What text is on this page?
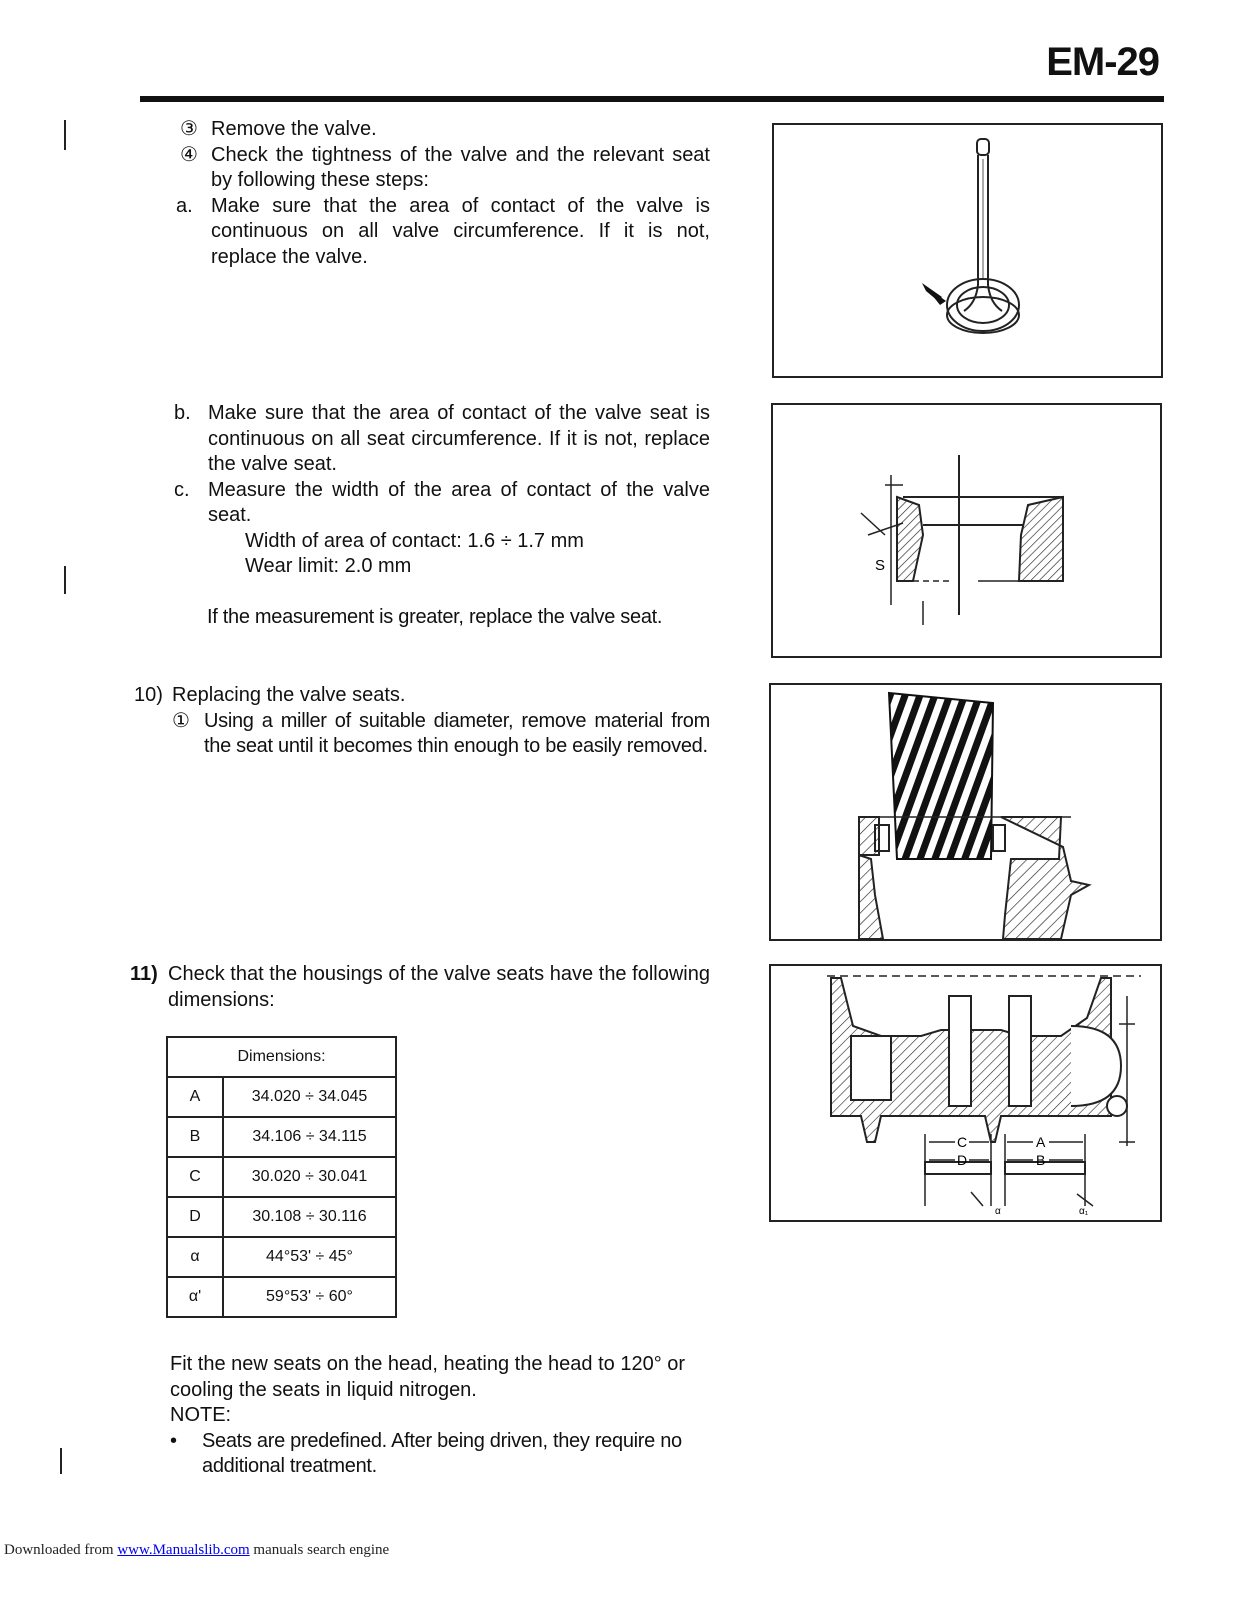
EM-29
③ Remove the valve.
④ Check the tightness of the valve and the relevant seat by following these steps:
a. Make sure that the area of contact of the valve is continuous on all valve circumference. If it is not, replace the valve.
b. Make sure that the area of contact of the valve seat is continuous on all seat circumference. If it is not, replace the valve seat.
c. Measure the width of the area of contact of the valve seat.
Width of area of contact: 1.6 ÷ 1.7 mm
Wear limit: 2.0 mm
If the measurement is greater, replace the valve seat.
10) Replacing the valve seats.
① Using a miller of suitable diameter, remove material from the seat until it becomes thin enough to be easily removed.
11) Check that the housings of the valve seats have the following dimensions:
Dimensions:	
A	34.020 ÷ 34.045
B	34.106 ÷ 34.115
C	30.020 ÷ 30.041
D	30.108 ÷ 30.116
α	44°53' ÷ 45°
α'	59°53' ÷ 60°
Fit the new seats on the head, heating the head to 120° or cooling the seats in liquid nitrogen.
NOTE:
•	Seats are predefined. After being driven, they require no additional treatment.
S
C
D
A
B
α	α₁
Downloaded from www.Manualslib.com manuals search engine
